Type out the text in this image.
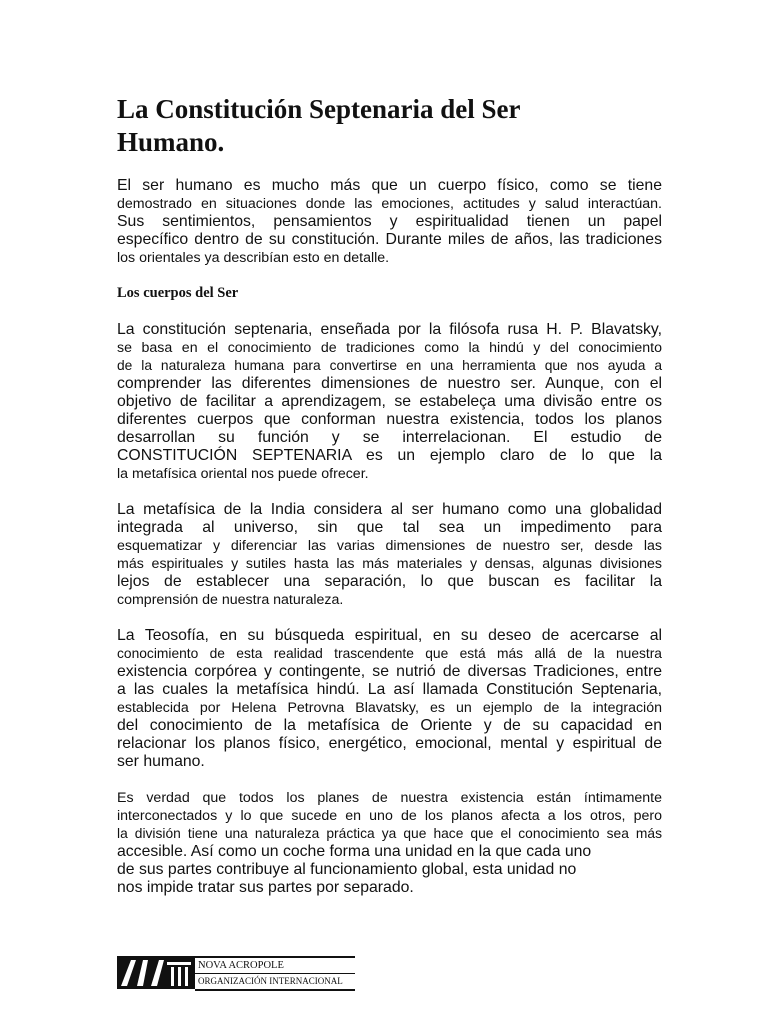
La Constitución Septenaria del Ser
Humano.
El ser humano es mucho más que un cuerpo físico, como se tiene
demostrado en situaciones donde las emociones, actitudes y salud interactúan.
Sus sentimientos, pensamientos y espiritualidad tienen un papel
específico dentro de su constitución. Durante miles de años, las tradiciones
los orientales ya describían esto en detalle.
Los cuerpos del Ser
La constitución septenaria, enseñada por la filósofa rusa H. P. Blavatsky,
se basa en el conocimiento de tradiciones como la hindú y del conocimiento
de la naturaleza humana para convertirse en una herramienta que nos ayuda a
comprender las diferentes dimensiones de nuestro ser. Aunque, con el
objetivo de facilitar a aprendizagem, se estabeleça uma divisão entre os
diferentes cuerpos que conforman nuestra existencia, todos los planos
desarrollan su función y se interrelacionan. El estudio de
CONSTITUCIÓN SEPTENARIA es un ejemplo claro de lo que la
la metafísica oriental nos puede ofrecer.
La metafísica de la India considera al ser humano como una globalidad
integrada al universo, sin que tal sea un impedimento para
esquematizar y diferenciar las varias dimensiones de nuestro ser, desde las
más espirituales y sutiles hasta las más materiales y densas, algunas divisiones
lejos de establecer una separación, lo que buscan es facilitar la
comprensión de nuestra naturaleza.
La Teosofía, en su búsqueda espiritual, en su deseo de acercarse al
conocimiento de esta realidad trascendente que está más allá de la nuestra
existencia corpórea y contingente, se nutrió de diversas Tradiciones, entre
a las cuales la metafísica hindú. La así llamada Constitución Septenaria,
establecida por Helena Petrovna Blavatsky, es un ejemplo de la integración
del conocimiento de la metafísica de Oriente y de su capacidad en
relacionar los planos físico, energético, emocional, mental y espiritual de
ser humano.
Es verdad que todos los planes de nuestra existencia están íntimamente
interconectados y lo que sucede en uno de los planos afecta a los otros, pero
la división tiene una naturaleza práctica ya que hace que el conocimiento sea más
accesible. Así como un coche forma una unidad en la que cada uno
de sus partes contribuye al funcionamiento global, esta unidad no
nos impide tratar sus partes por separado.
NOVA ACROPOLE
ORGANIZACIÓN INTERNACIONAL
